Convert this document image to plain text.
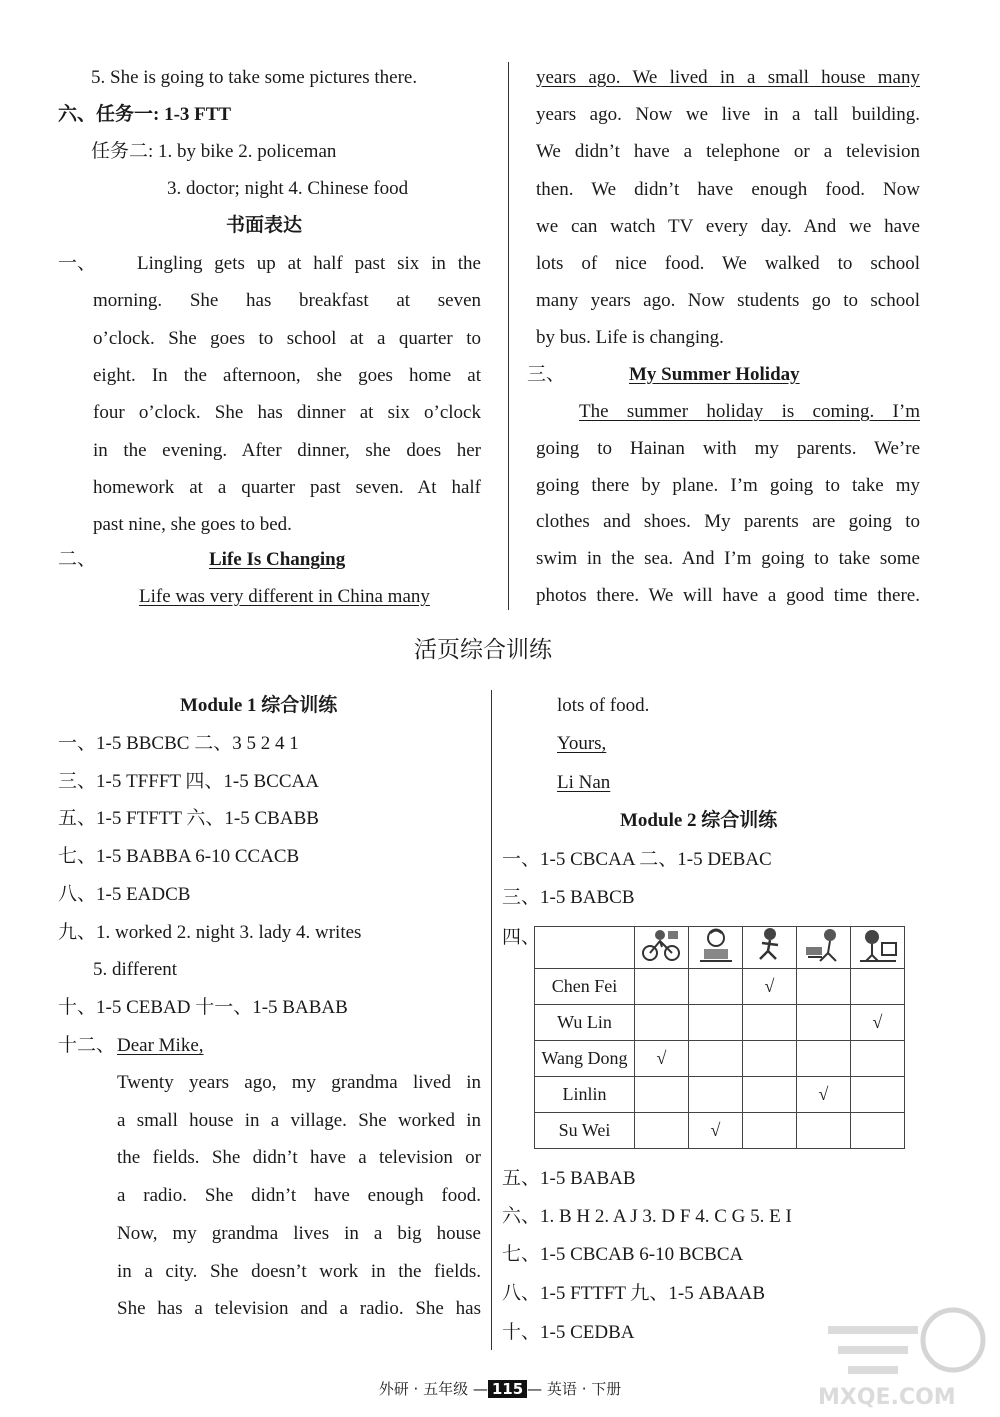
5. She is going to take some pictures there.
六、任务一: 1-3 FTT
任务二: 1. by bike 2. policeman
3. doctor; night 4. Chinese food
书面表达
一、 Lingling gets up at half past six in the
morning. She has breakfast at seven
o’clock. She goes to school at a quarter to
eight. In the afternoon, she goes home at
four o’clock. She has dinner at six o’clock
in the evening. After dinner, she does her
homework at a quarter past seven. At half
past nine, she goes to bed.
二、	Life Is Changing
Life was very different in China many
years ago. We lived in a small house many
years ago. Now we live in a tall building.
We didn’t have a telephone or a television
then. We didn’t have enough food. Now
we can watch TV every day. And we have
lots of nice food. We walked to school
many years ago. Now students go to school
by bus. Life is changing.
三、	My Summer Holiday
The summer holiday is coming. I’m
going to Hainan with my parents. We’re
going there by plane. I’m going to take my
clothes and shoes. My parents are going to
swim in the sea. And I’m going to take some
photos there. We will have a good time there.
活页综合训练
Module 1 综合训练
一、1-5 BBCBC 二、3 5 2 4 1
三、1-5 TFFFT 四、1-5 BCCAA
五、1-5 FTFTT 六、1-5 CBABB
七、1-5 BABBA 6-10 CCACB
八、1-5 EADCB
九、1. worked 2. night 3. lady 4. writes
5. different
十、1-5 CEBAD 十一、1-5 BABAB
十二、 Dear Mike,
Twenty years ago, my grandma lived in
a small house in a village. She worked in
the fields. She didn’t have a television or
a radio. She didn’t have enough food.
Now, my grandma lives in a big house
in a city. She doesn’t work in the fields.
She has a television and a radio. She has
lots of food.
Yours,
Li Nan
Module 2 综合训练
一、1-5 CBCAA 二、1-5 DEBAC
三、1-5 BABCB
四、

Chen Fei			√		
Wu Lin					√
Wang Dong	√				
Linlin				√	
Su Wei		√			
五、1-5 BABAB
六、1. B H 2. A J 3. D F 4. C G 5. E I
七、1-5 CBCAB 6-10 BCBCA
八、1-5 FTTFT 九、1-5 ABAAB
十、1-5 CEDBA
MXQE.COM
外研 · 五年级 — 115 — 英语 · 下册
